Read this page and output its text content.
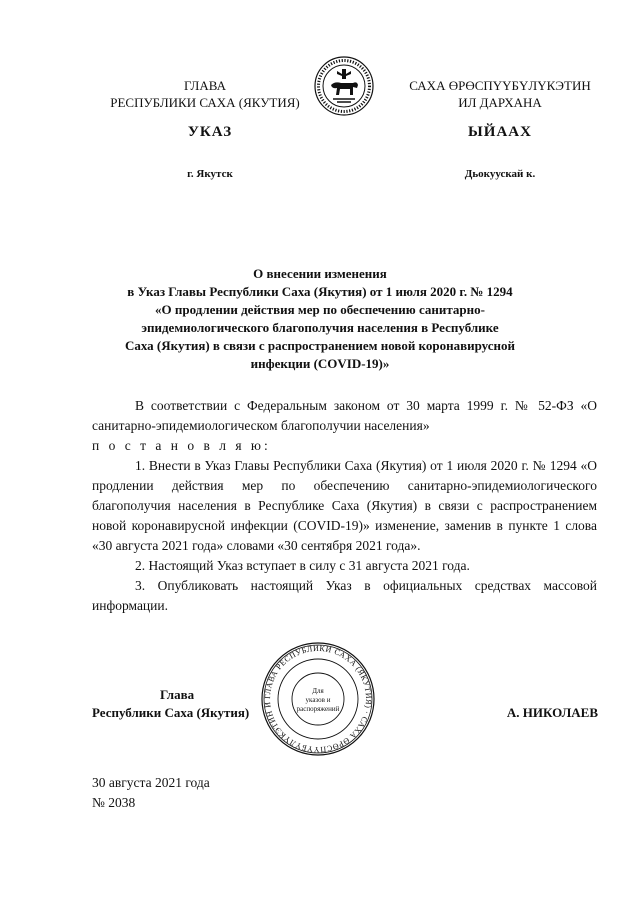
ГЛАВА
РЕСПУБЛИКИ САХА (ЯКУТИЯ)
САХА ӨРӨСПҮҮБҮЛҮКЭТИН
ИЛ ДАРХАНА
УКАЗ	ЫЙААХ
г. Якутск	Дьокуускай к.
О внесении изменения
в Указ Главы Республики Саха (Якутия) от 1 июля 2020 г. № 1294
«О продлении действия мер по обеспечению санитарно-
эпидемиологического благополучия населения в Республике
Саха (Якутия) в связи с распространением новой коронавирусной
инфекции (COVID-19)»

В соответствии с Федеральным законом от 30 марта 1999 г. № 52-ФЗ «О санитарно-эпидемиологическом благополучии населения»

п о с т а н о в л я ю:

1. Внести в Указ Главы Республики Саха (Якутия) от 1 июля 2020 г. № 1294 «О продлении действия мер по обеспечению санитарно-эпидемиологического благополучия населения в Республике Саха (Якутия) в связи с распространением новой коронавирусной инфекции (COVID-19)» изменение, заменив в пункте 1 слова «30 августа 2021 года» словами «30 сентября 2021 года».

2. Настоящий Указ вступает в силу с 31 августа 2021 года.

3. Опубликовать настоящий Указ в официальных средствах массовой информации.

ГЛАВА РЕСПУБЛИКИ САХА (ЯКУТИЯ) · САХА ӨРӨСПҮҮБҮЛҮКЭТИН И
Для
указов и
распоряжений
Глава
Республики Саха (Якутия)	А. НИКОЛАЕВ
30 августа 2021 года
№ 2038
